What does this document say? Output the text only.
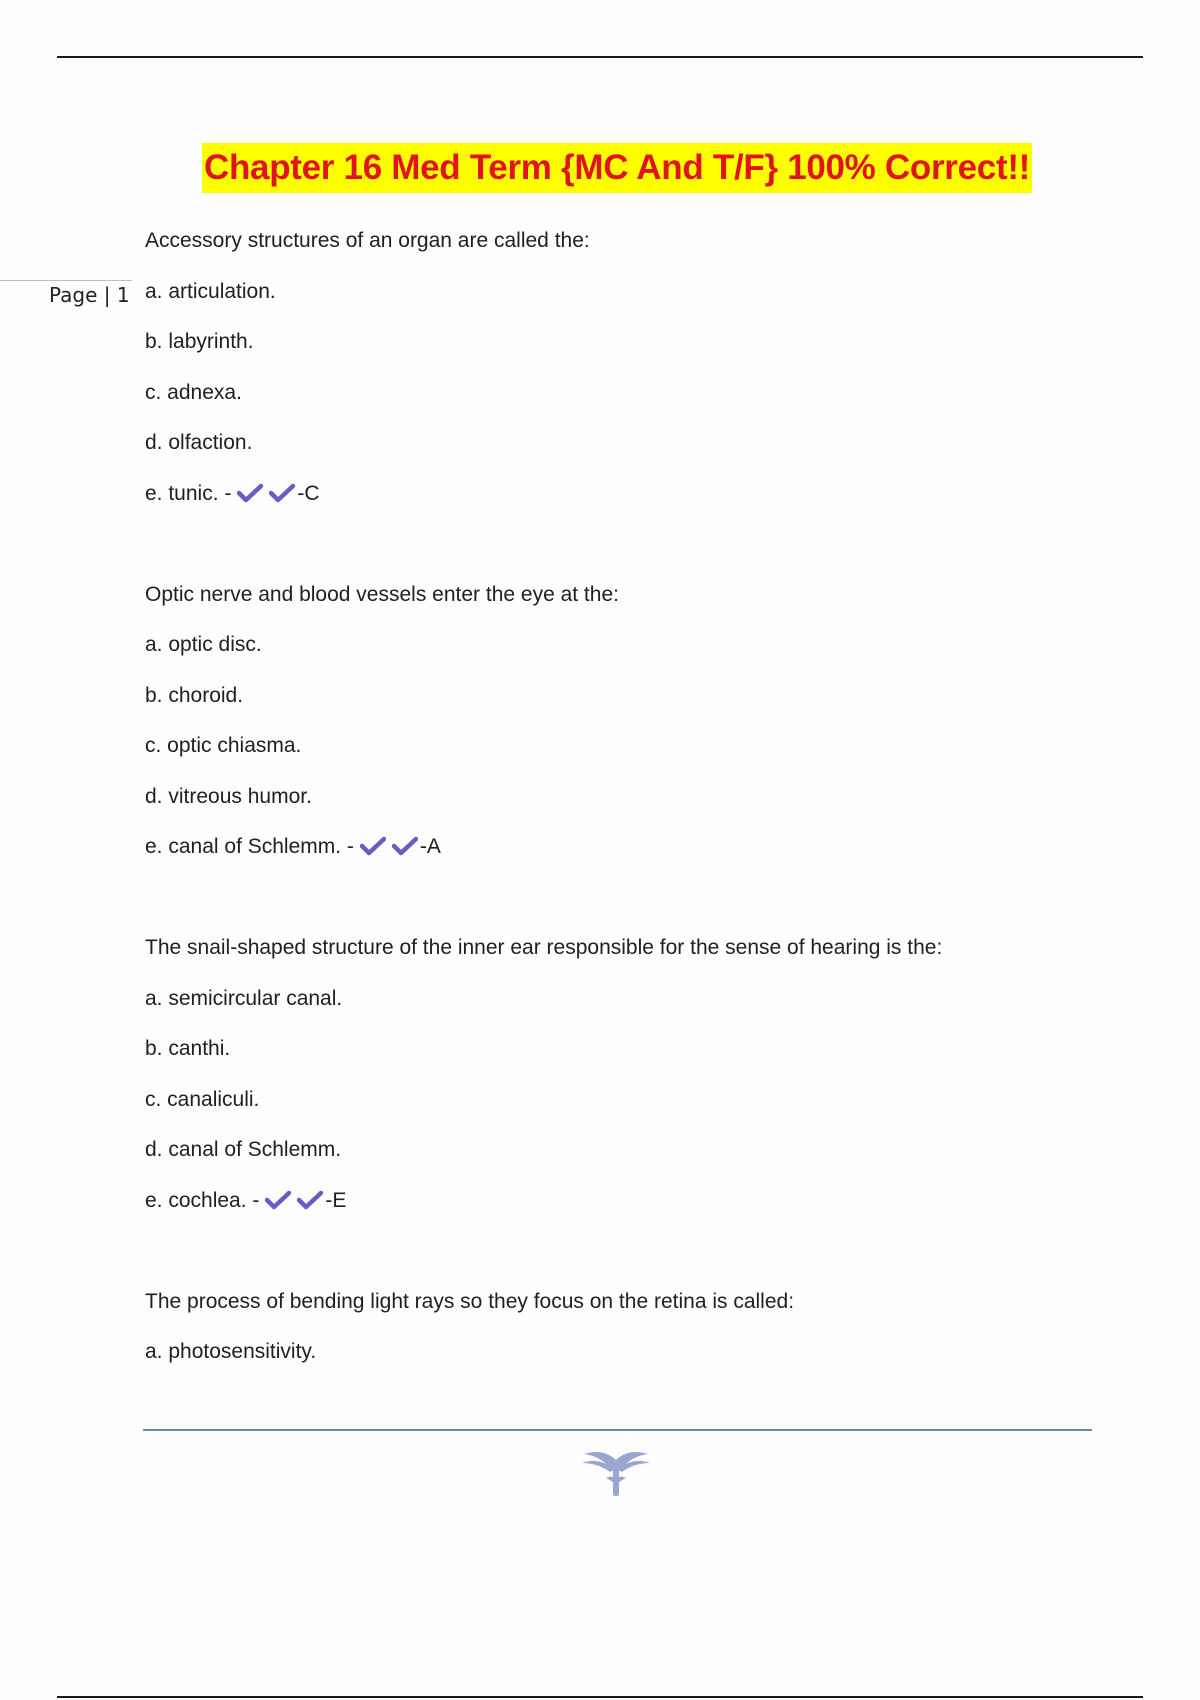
Chapter 16 Med Term {MC And T/F} 100% Correct!!
Page | 1
Accessory structures of an organ are called the:
a. articulation.
b. labyrinth.
c. adnexa.
d. olfaction.
e. tunic. -	-C
Optic nerve and blood vessels enter the eye at the:
a. optic disc.
b. choroid.
c. optic chiasma.
d. vitreous humor.
e. canal of Schlemm. -	-A
The snail-shaped structure of the inner ear responsible for the sense of hearing is the:
a. semicircular canal.
b. canthi.
c. canaliculi.
d. canal of Schlemm.
e. cochlea. -	-E
The process of bending light rays so they focus on the retina is called:
a. photosensitivity.
